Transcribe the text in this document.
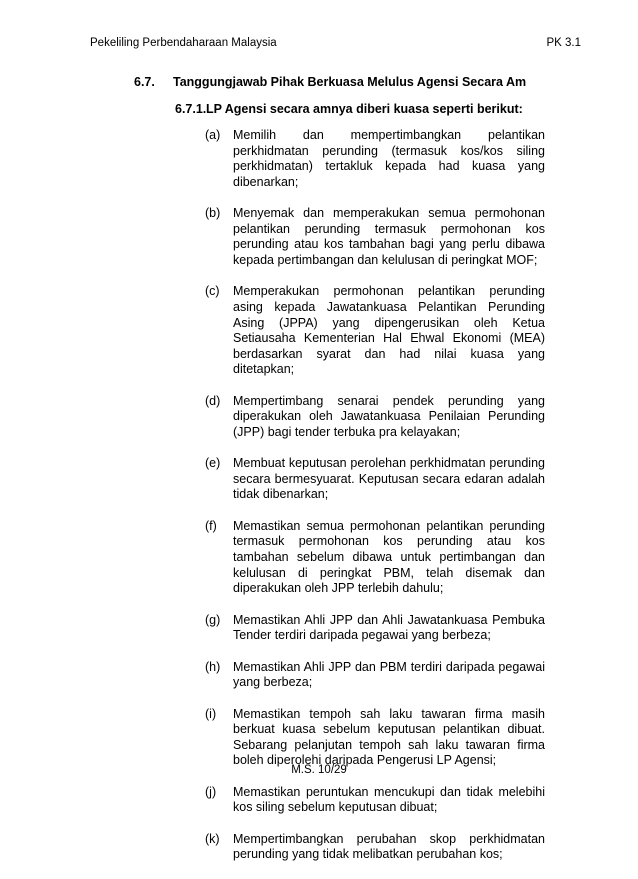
Pekeliling Perbendaharaan Malaysia	PK 3.1
6.7. Tanggungjawab Pihak Berkuasa Melulus Agensi Secara Am
6.7.1.LP Agensi secara amnya diberi kuasa seperti berikut:
(a)	Memilih dan mempertimbangkan pelantikan perkhidmatan perunding (termasuk kos/kos siling perkhidmatan) tertakluk kepada had kuasa yang dibenarkan;
(b)	Menyemak dan memperakukan semua permohonan pelantikan perunding termasuk permohonan kos perunding atau kos tambahan bagi yang perlu dibawa kepada pertimbangan dan kelulusan di peringkat MOF;
(c)	Memperakukan permohonan pelantikan perunding asing kepada Jawatankuasa Pelantikan Perunding Asing (JPPA) yang dipengerusikan oleh Ketua Setiausaha Kementerian Hal Ehwal Ekonomi (MEA) berdasarkan syarat dan had nilai kuasa yang ditetapkan;
(d)	Mempertimbang senarai pendek perunding yang diperakukan oleh Jawatankuasa Penilaian Perunding (JPP) bagi tender terbuka pra kelayakan;
(e)	Membuat keputusan perolehan perkhidmatan perunding secara bermesyuarat. Keputusan secara edaran adalah tidak dibenarkan;
(f)	Memastikan semua permohonan pelantikan perunding termasuk permohonan kos perunding atau kos tambahan sebelum dibawa untuk pertimbangan dan kelulusan di peringkat PBM, telah disemak dan diperakukan oleh JPP terlebih dahulu;
(g)	Memastikan Ahli JPP dan Ahli Jawatankuasa Pembuka Tender terdiri daripada pegawai yang berbeza;
(h)	Memastikan Ahli JPP dan PBM terdiri daripada pegawai yang berbeza;
(i)	Memastikan tempoh sah laku tawaran firma masih berkuat kuasa sebelum keputusan pelantikan dibuat. Sebarang pelanjutan tempoh sah laku tawaran firma boleh diperolehi daripada Pengerusi LP Agensi;
(j)	Memastikan peruntukan mencukupi dan tidak melebihi kos siling sebelum keputusan dibuat;
(k)	Mempertimbangkan perubahan skop perkhidmatan perunding yang tidak melibatkan perubahan kos;
M.S. 10/29
